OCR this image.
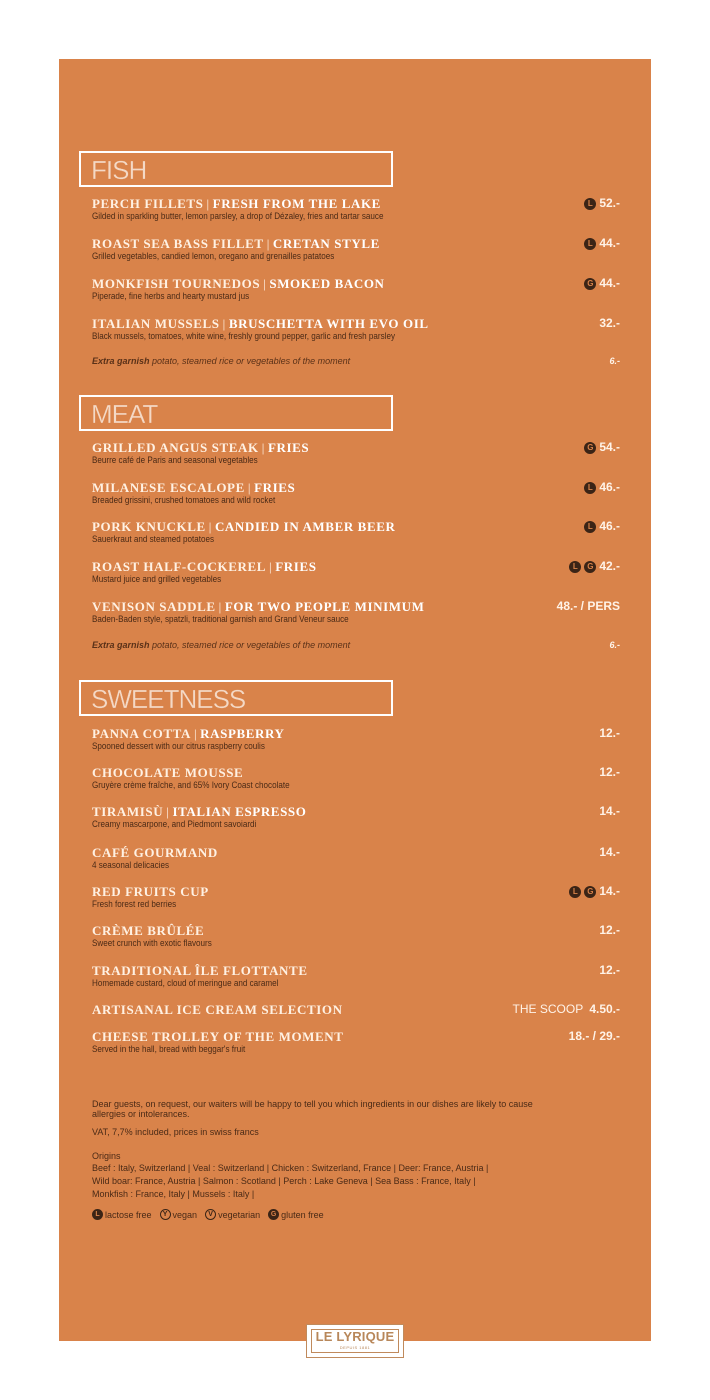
FISH
PERCH FILLETS | FRESH FROM THE LAKE
Gilded in sparkling butter, lemon parsley, a drop of Dézaley, fries and tartar sauce
L 52.-
ROAST SEA BASS FILLET | CRETAN STYLE
Grilled vegetables, candied lemon, oregano and grenailles patatoes
L 44.-
MONKFISH TOURNEDOS | SMOKED BACON
Piperade, fine herbs and hearty mustard jus
G 44.-
ITALIAN MUSSELS | BRUSCHETTA WITH EVO OIL
Black mussels, tomatoes, white wine, freshly ground pepper, garlic and fresh parsley
32.-
Extra garnish potato, steamed rice or vegetables of the moment	6.-
MEAT
GRILLED ANGUS STEAK | FRIES
Beurre café de Paris and seasonal vegetables
G 54.-
MILANESE ESCALOPE | FRIES
Breaded grissini, crushed tomatoes and wild rocket
L 46.-
PORK KNUCKLE | CANDIED IN AMBER BEER
Sauerkraut and steamed potatoes
L 46.-
ROAST HALF-COCKEREL | FRIES
Mustard juice and grilled vegetables
L	G 42.-
VENISON SADDLE | FOR TWO PEOPLE MINIMUM
Baden-Baden style, spatzli, traditional garnish and Grand Veneur sauce
48.- / PERS
Extra garnish potato, steamed rice or vegetables of the moment	6.-
SWEETNESS
PANNA COTTA | RASPBERRY
Spooned dessert with our citrus raspberry coulis
12.-
CHOCOLATE MOUSSE
Gruyère crème fraîche, and 65% Ivory Coast chocolate
12.-
TIRAMISÙ | ITALIAN ESPRESSO
Creamy mascarpone, and Piedmont savoiardi
14.-
CAFÉ GOURMAND
4 seasonal delicacies
14.-
RED FRUITS CUP
Fresh forest red berries
L	G 14.-
CRÈME BRÛLÉE
Sweet crunch with exotic flavours
12.-
TRADITIONAL ÎLE FLOTTANTE
Homemade custard, cloud of meringue and caramel
12.-
ARTISANAL ICE CREAM SELECTION	THE SCOOP 4.50.-
CHEESE TROLLEY OF THE MOMENT
Served in the hall, bread with beggar's fruit
18.- / 29.-
Dear guests, on request, our waiters will be happy to tell you which ingredients in our dishes are likely to cause allergies or intolerances.
VAT, 7,7% included, prices in swiss francs
Origins
Beef : Italy, Switzerland | Veal : Switzerland | Chicken : Switzerland, France | Deer: France, Austria |
Wild boar: France, Austria | Salmon : Scotland | Perch : Lake Geneva | Sea Bass : France, Italy |
Monkfish : France, Italy | Mussels : Italy |
L lactose free	Y vegan	V vegetarian	G gluten free
LE LYRIQUE
DEPUIS 1881
